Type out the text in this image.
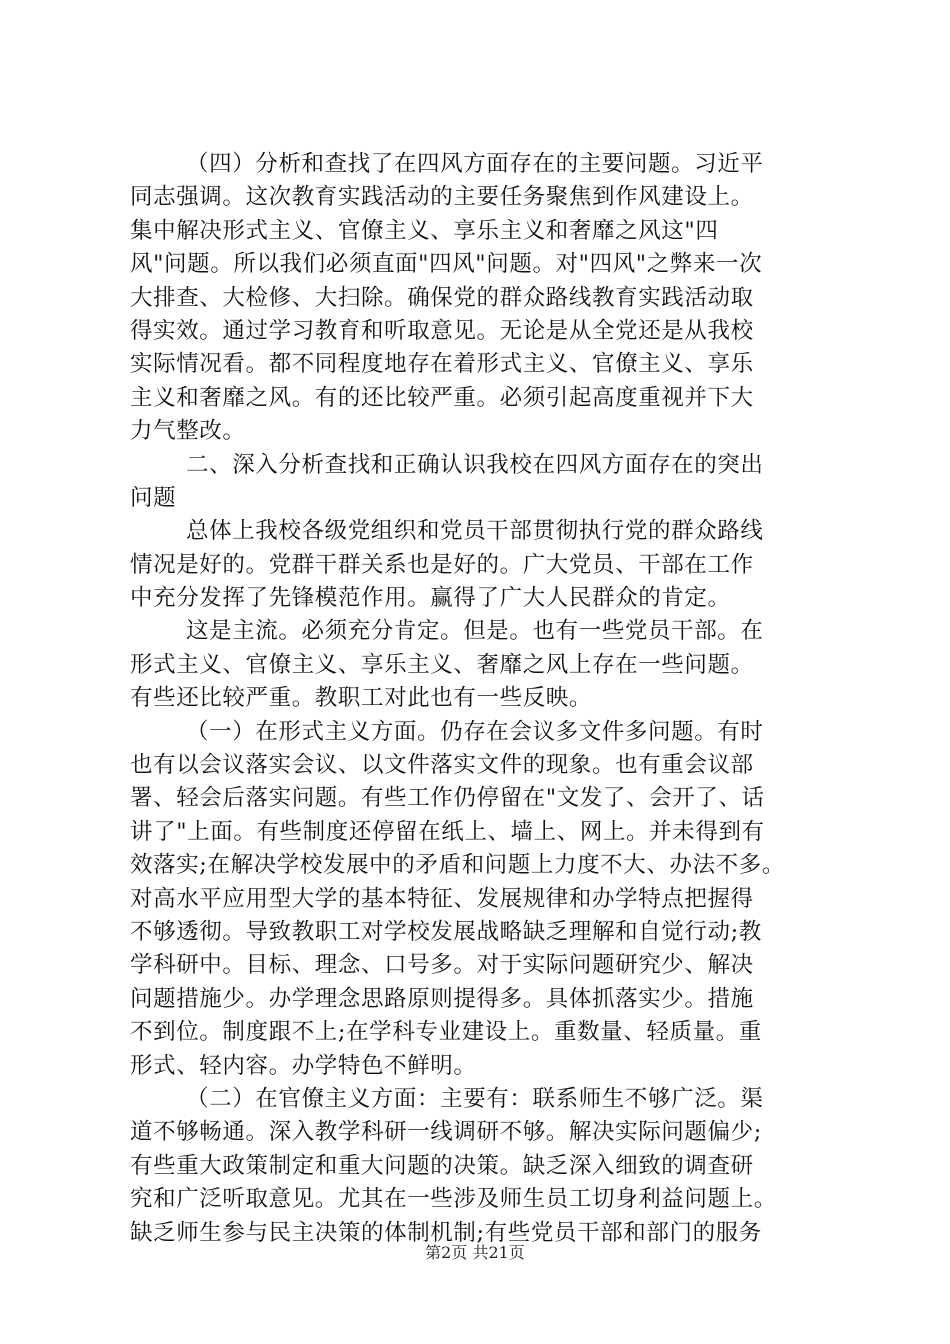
（四）分析和查找了在四风方面存在的主要问题。习近平
同志强调。这次教育实践活动的主要任务聚焦到作风建设上。
集中解决形式主义、官僚主义、享乐主义和奢靡之风这"四
风"问题。所以我们必须直面"四风"问题。对"四风"之弊来一次
大排查、大检修、大扫除。确保党的群众路线教育实践活动取
得实效。通过学习教育和听取意见。无论是从全党还是从我校
实际情况看。都不同程度地存在着形式主义、官僚主义、享乐
主义和奢靡之风。有的还比较严重。必须引起高度重视并下大
力气整改。
二、深入分析查找和正确认识我校在四风方面存在的突出
问题
总体上我校各级党组织和党员干部贯彻执行党的群众路线
情况是好的。党群干群关系也是好的。广大党员、干部在工作
中充分发挥了先锋模范作用。赢得了广大人民群众的肯定。
这是主流。必须充分肯定。但是。也有一些党员干部。在
形式主义、官僚主义、享乐主义、奢靡之风上存在一些问题。
有些还比较严重。教职工对此也有一些反映。
（一）在形式主义方面。仍存在会议多文件多问题。有时
也有以会议落实会议、以文件落实文件的现象。也有重会议部
署、轻会后落实问题。有些工作仍停留在"文发了、会开了、话
讲了"上面。有些制度还停留在纸上、墙上、网上。并未得到有
效落实;在解决学校发展中的矛盾和问题上力度不大、办法不多。
对高水平应用型大学的基本特征、发展规律和办学特点把握得
不够透彻。导致教职工对学校发展战略缺乏理解和自觉行动;教
学科研中。目标、理念、口号多。对于实际问题研究少、解决
问题措施少。办学理念思路原则提得多。具体抓落实少。措施
不到位。制度跟不上;在学科专业建设上。重数量、轻质量。重
形式、轻内容。办学特色不鲜明。
（二）在官僚主义方面：主要有：联系师生不够广泛。渠
道不够畅通。深入教学科研一线调研不够。解决实际问题偏少;
有些重大政策制定和重大问题的决策。缺乏深入细致的调查研
究和广泛听取意见。尤其在一些涉及师生员工切身利益问题上。
缺乏师生参与民主决策的体制机制;有些党员干部和部门的服务
第2页 共21页
